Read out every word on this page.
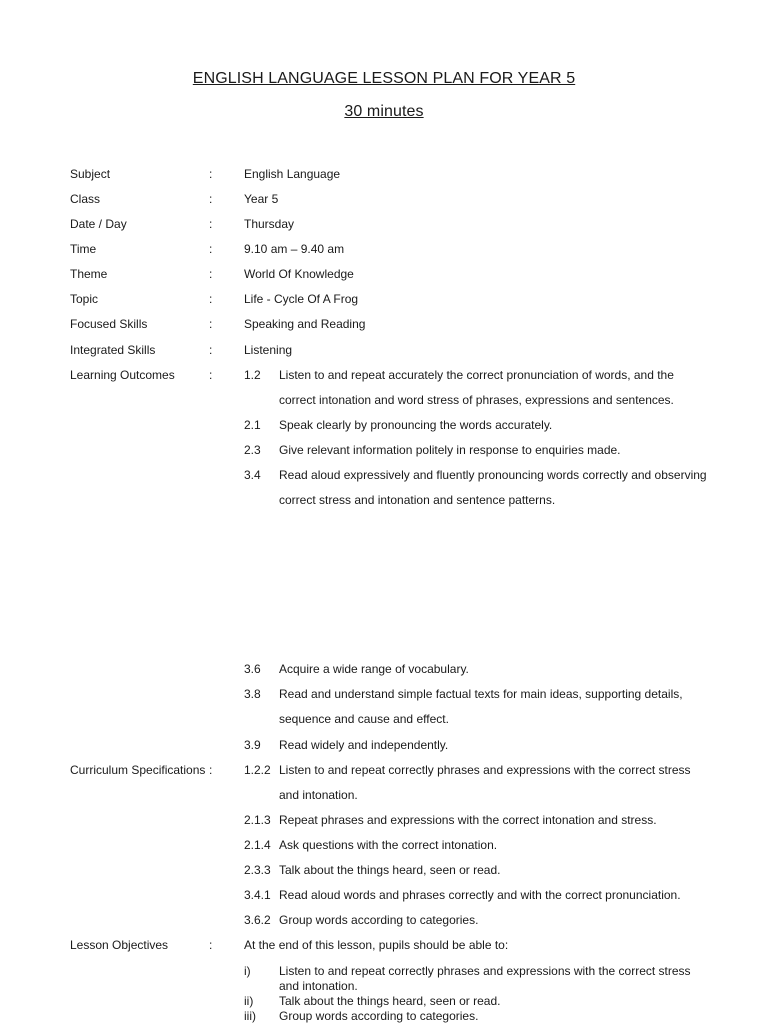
ENGLISH LANGUAGE LESSON PLAN FOR YEAR 5
30 minutes
Subject	:	English Language
Class	:	Year 5
Date / Day	:	Thursday
Time	:	9.10 am – 9.40 am
Theme	:	World Of Knowledge
Topic	:	Life - Cycle Of A Frog
Focused Skills	:	Speaking and Reading
Integrated Skills	:	Listening
Learning Outcomes	:	1.2 Listen to and repeat accurately the correct pronunciation of words, and the
correct intonation and word stress of phrases, expressions and sentences.
2.1 Speak clearly by pronouncing the words accurately.
2.3 Give relevant information politely in response to enquiries made.
3.4 Read aloud expressively and fluently pronouncing words correctly and observing
correct stress and intonation and sentence patterns.
3.6 Acquire a wide range of vocabulary.
3.8 Read and understand simple factual texts for main ideas, supporting details,
sequence and cause and effect.
3.9 Read widely and independently.
Curriculum Specifications :	1.2.2 Listen to and repeat correctly phrases and expressions with the correct stress
and intonation.
2.1.3 Repeat phrases and expressions with the correct intonation and stress.
2.1.4 Ask questions with the correct intonation.
2.3.3 Talk about the things heard, seen or read.
3.4.1 Read aloud words and phrases correctly and with the correct pronunciation.
3.6.2 Group words according to categories.
Lesson Objectives	:	At the end of this lesson, pupils should be able to:
i) Listen to and repeat correctly phrases and expressions with the correct stress
and intonation.
ii) Talk about the things heard, seen or read.
iii) Group words according to categories.
